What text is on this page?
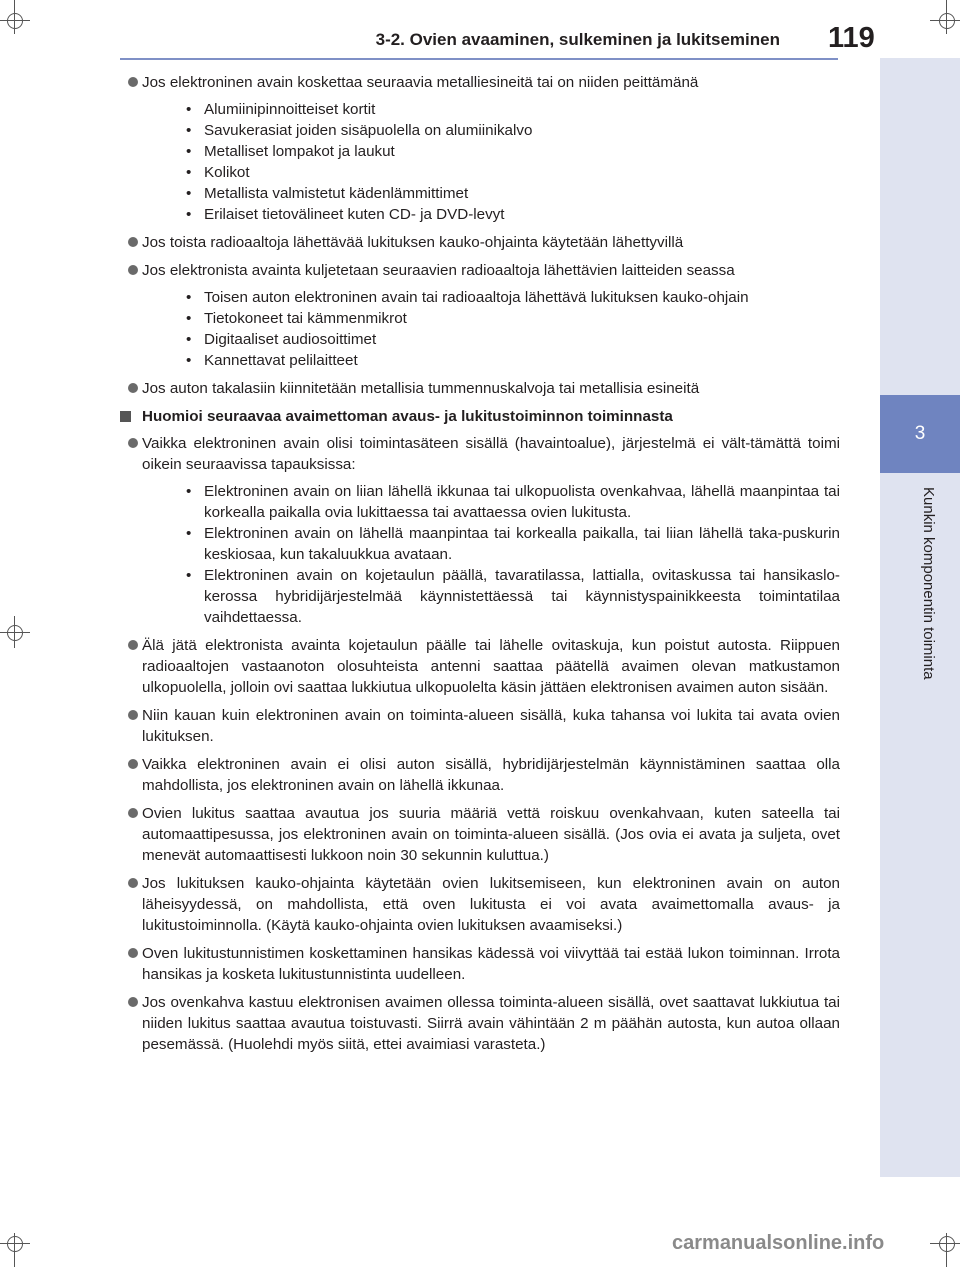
3-2. Ovien avaaminen, sulkeminen ja lukitseminen 119
3
Kunkin komponentin toiminta
Jos elektroninen avain koskettaa seuraavia metalliesineitä tai on niiden peittämänä
• Alumiinipinnoitteiset kortit
• Savukerasiat joiden sisäpuolella on alumiinikalvo
• Metalliset lompakot ja laukut
• Kolikot
• Metallista valmistetut kädenlämmittimet
• Erilaiset tietovälineet kuten CD- ja DVD-levyt
Jos toista radioaaltoja lähettävää lukituksen kauko-ohjainta käytetään lähettyvillä
Jos elektronista avainta kuljetetaan seuraavien radioaaltoja lähettävien laitteiden seassa
• Toisen auton elektroninen avain tai radioaaltoja lähettävä lukituksen kauko-ohjain
• Tietokoneet tai kämmenmikrot
• Digitaaliset audiosoittimet
• Kannettavat pelilaitteet
Jos auton takalasiin kiinnitetään metallisia tummennuskalvoja tai metallisia esineitä
Huomioi seuraavaa avaimettoman avaus- ja lukitustoiminnon toiminnasta
Vaikka elektroninen avain olisi toimintasäteen sisällä (havaintoalue), järjestelmä ei vält-tämättä toimi oikein seuraavissa tapauksissa:
• Elektroninen avain on liian lähellä ikkunaa tai ulkopuolista ovenkahvaa, lähellä maanpintaa tai korkealla paikalla ovia lukittaessa tai avattaessa ovien lukitusta.
• Elektroninen avain on lähellä maanpintaa tai korkealla paikalla, tai liian lähellä taka-puskurin keskiosaa, kun takaluukkua avataan.
• Elektroninen avain on kojetaulun päällä, tavaratilassa, lattialla, ovitaskussa tai hansikaslo-kerossa hybridijärjestelmää käynnistettäessä tai käynnistyspainikkeesta toimintatilaa vaihdettaessa.
Älä jätä elektronista avainta kojetaulun päälle tai lähelle ovitaskuja, kun poistut autosta. Riippuen radioaaltojen vastaanoton olosuhteista antenni saattaa päätellä avaimen olevan matkustamon ulkopuolella, jolloin ovi saattaa lukkiutua ulkopuolelta käsin jättäen elektronisen avaimen auton sisään.
Niin kauan kuin elektroninen avain on toiminta-alueen sisällä, kuka tahansa voi lukita tai avata ovien lukituksen.
Vaikka elektroninen avain ei olisi auton sisällä, hybridijärjestelmän käynnistäminen saattaa olla mahdollista, jos elektroninen avain on lähellä ikkunaa.
Ovien lukitus saattaa avautua jos suuria määriä vettä roiskuu ovenkahvaan, kuten sateella tai automaattipesussa, jos elektroninen avain on toiminta-alueen sisällä. (Jos ovia ei avata ja suljeta, ovet menevät automaattisesti lukkoon noin 30 sekunnin kuluttua.)
Jos lukituksen kauko-ohjainta käytetään ovien lukitsemiseen, kun elektroninen avain on auton läheisyydessä, on mahdollista, että oven lukitusta ei voi avata avaimettomalla avaus- ja lukitustoiminnolla. (Käytä kauko-ohjainta ovien lukituksen avaamiseksi.)
Oven lukitustunnistimen koskettaminen hansikas kädessä voi viivyttää tai estää lukon toiminnan. Irrota hansikas ja kosketa lukitustunnistinta uudelleen.
Jos ovenkahva kastuu elektronisen avaimen ollessa toiminta-alueen sisällä, ovet saattavat lukkiutua tai niiden lukitus saattaa avautua toistuvasti. Siirrä avain vähintään 2 m päähän autosta, kun autoa ollaan pesemässä. (Huolehdi myös siitä, ettei avaimiasi varasteta.)
carmanualsonline.info
